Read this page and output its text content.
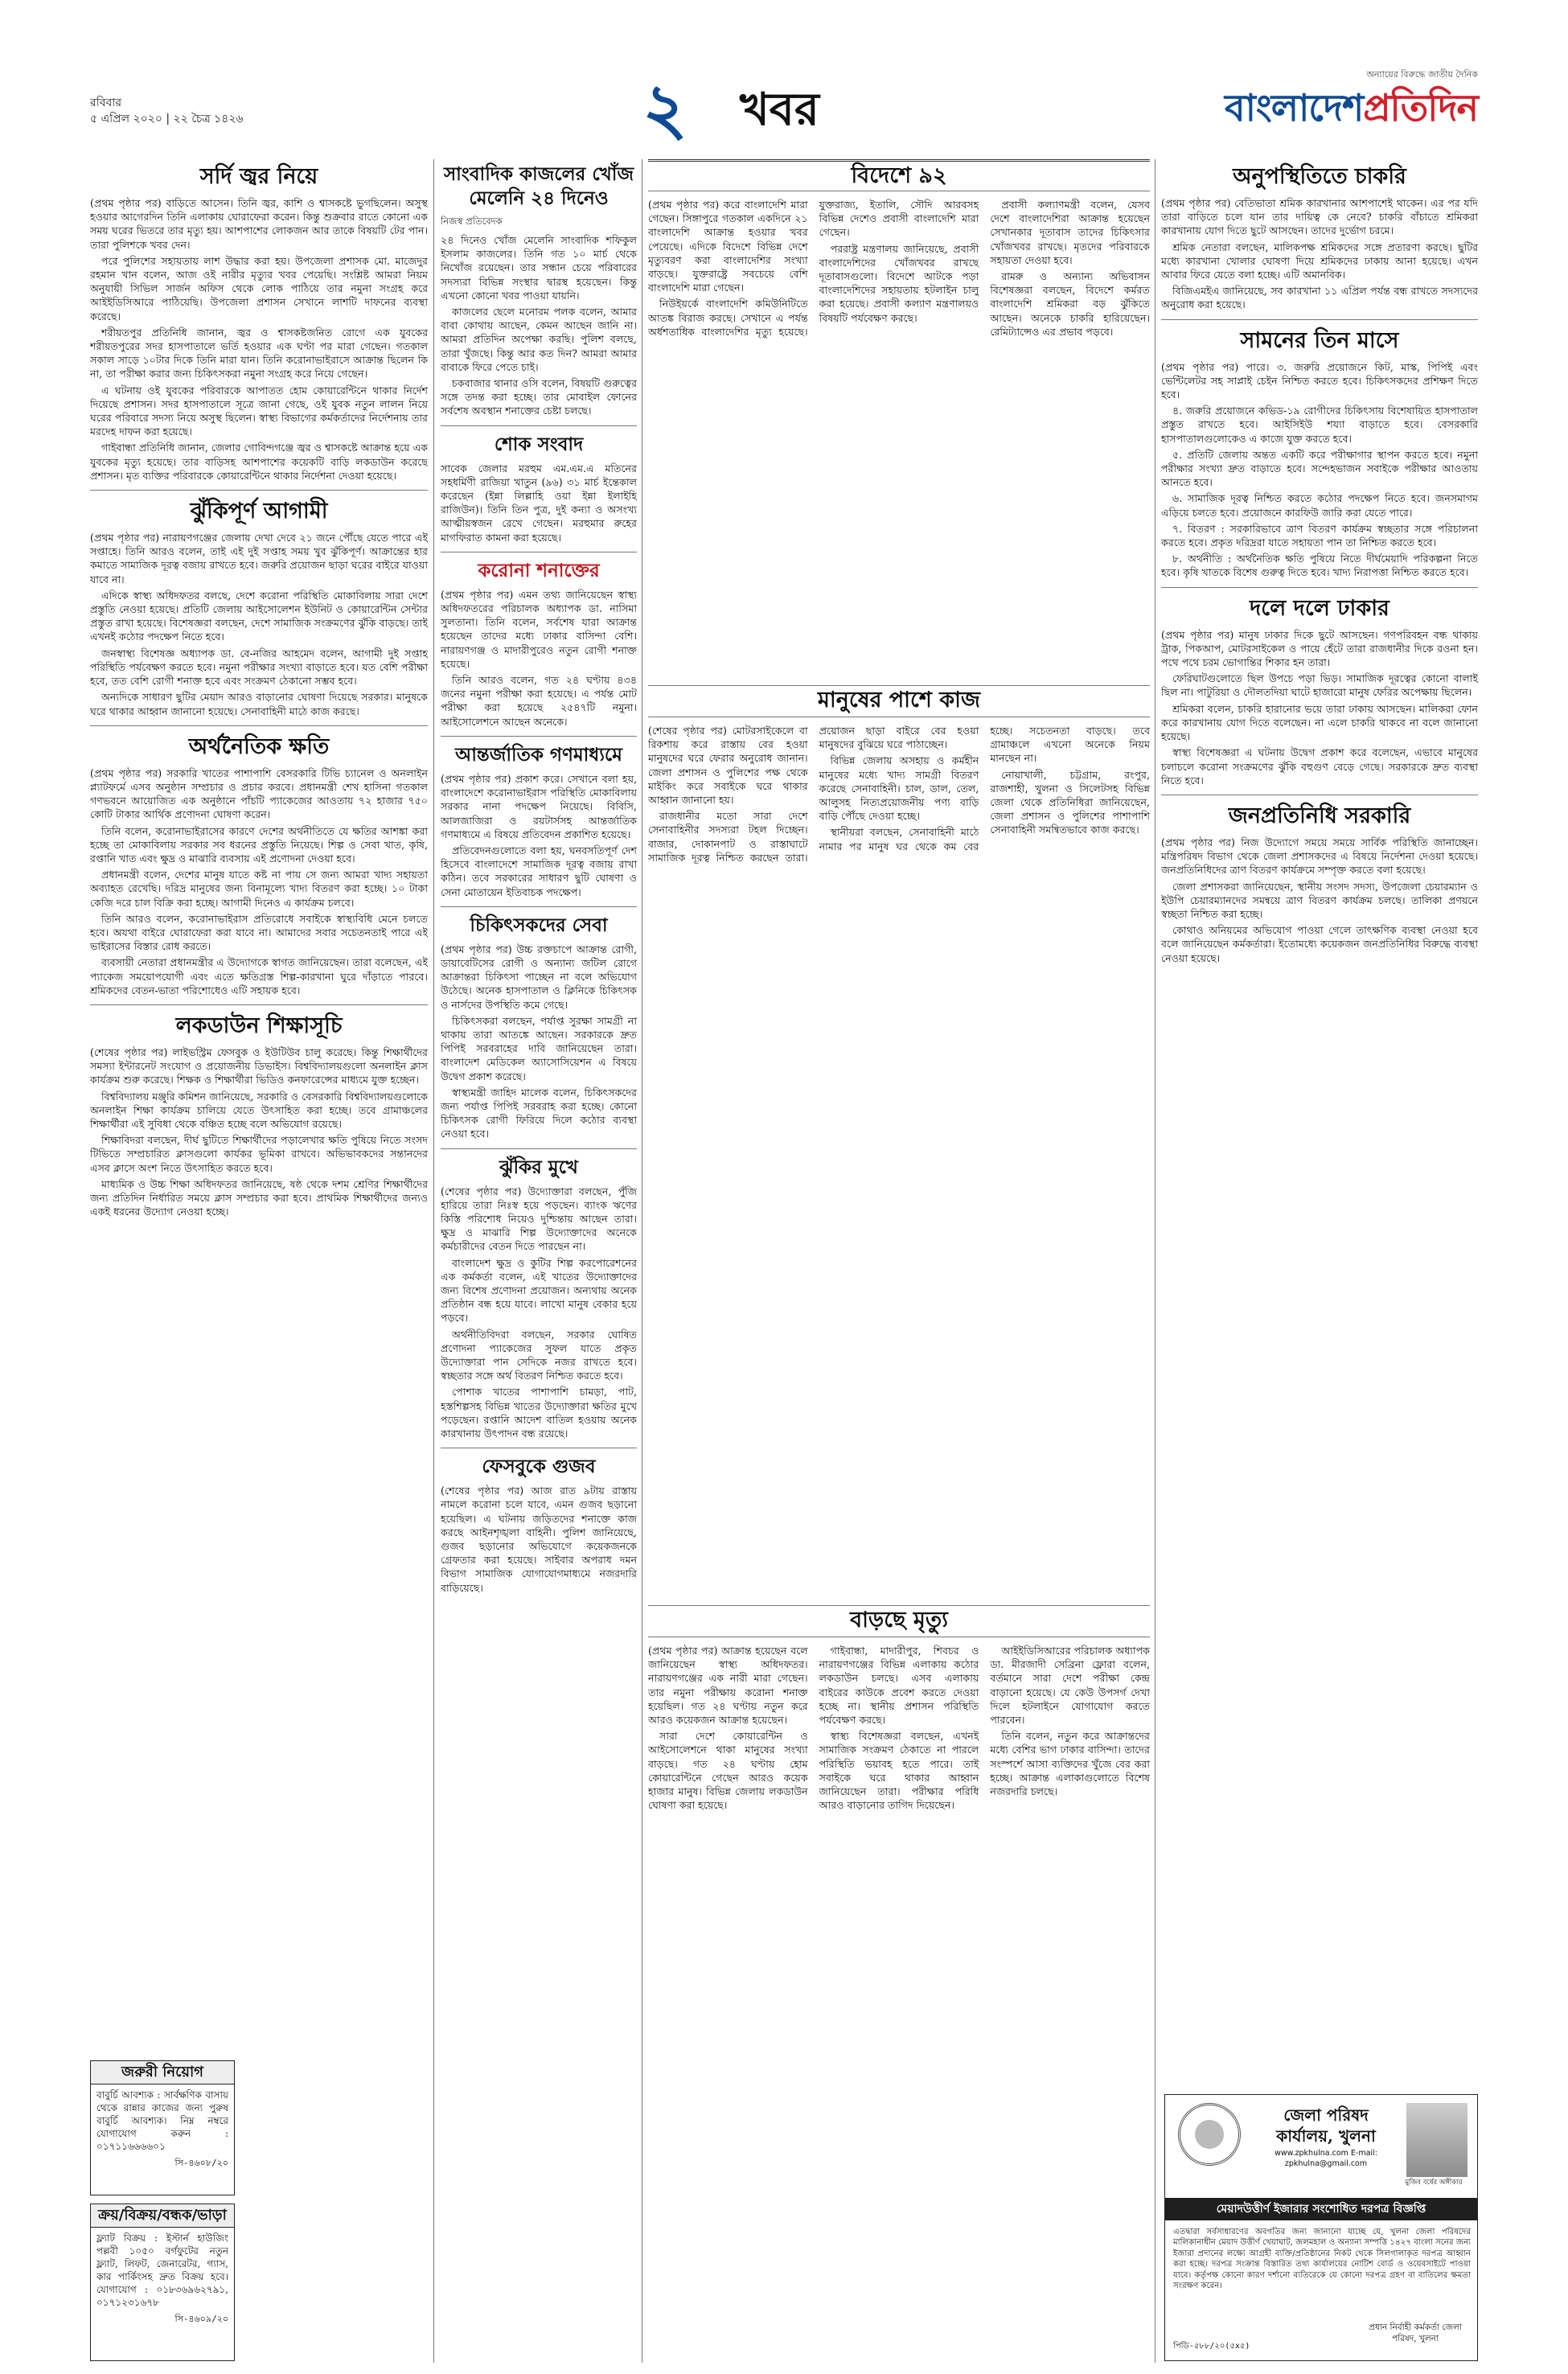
রবিবার
৫ এপ্রিল ২০২০ | ২২ চৈত্র ১৪২৬	২	খবর
অন্যায়ের বিরুদ্ধে জাতীয় দৈনিক
বাংলাদেশপ্রতিদিন
সর্দি জ্বর নিয়ে

(প্রথম পৃষ্ঠার পর) বাড়িতে আসেন। তিনি জ্বর, কাশি ও শ্বাসকষ্টে ভুগছিলেন। অসুস্থ হওয়ার আগেরদিন তিনি এলাকায় ঘোরাফেরা করেন। কিন্তু শুক্রবার রাতে কোনো এক সময় ঘরের ভিতরে তার মৃত্যু হয়। আশপাশের লোকজন আর তাকে বিষয়টি টের পান। তারা পুলিশকে খবর দেন।

পরে পুলিশের সহায়তায় লাশ উদ্ধার করা হয়। উপজেলা প্রশাসক মো. মাজেদুর রহমান খান বলেন, আজ ওই নারীর মৃত্যুর খবর পেয়েছি। সংশ্লিষ্ট আমরা নিয়ম অনুযায়ী সিভিল সার্জন অফিস থেকে লোক পাঠিয়ে তার নমুনা সংগ্রহ করে আইইডিসিআরে পাঠিয়েছি। উপজেলা প্রশাসন সেখানে লাশটি দাফনের ব্যবস্থা করেছে।

শরীয়তপুর প্রতিনিধি জানান, জ্বর ও শ্বাসকষ্টজনিত রোগে এক যুবকের শরীয়তপুরের সদর হাসপাতালে ভর্তি হওয়ার এক ঘণ্টা পর মারা গেছেন। গতকাল সকাল সাড়ে ১০টার দিকে তিনি মারা যান। তিনি করোনাভাইরাসে আক্রান্ত ছিলেন কি না, তা পরীক্ষা করার জন্য চিকিৎসকরা নমুনা সংগ্রহ করে নিয়ে গেছেন।

এ ঘটনায় ওই যুবকের পরিবারকে আপাতত হোম কোয়ারেন্টিনে থাকার নির্দেশ দিয়েছে প্রশাসন। সদর হাসপাতালে সূত্রে জানা গেছে, ওই যুবক নতুন লালন নিয়ে ঘরের পরিবারে সদস্য নিয়ে অসুস্থ ছিলেন। স্বাস্থ্য বিভাগের কর্মকর্তাদের নির্দেশনায় তার মরদেহ দাফন করা হয়েছে।

গাইবান্ধা প্রতিনিধি জানান, জেলার গোবিন্দগঞ্জে জ্বর ও শ্বাসকষ্টে আক্রান্ত হয়ে এক যুবকের মৃত্যু হয়েছে। তার বাড়িসহ আশপাশের কয়েকটি বাড়ি লকডাউন করেছে প্রশাসন। মৃত ব্যক্তির পরিবারকে কোয়ারেন্টিনে থাকার নির্দেশনা দেওয়া হয়েছে।

ঝুঁকিপূর্ণ আগামী

(প্রথম পৃষ্ঠার পর) নারায়ণগঞ্জের জেলায় দেখা দেবে ২১ জনে পৌঁছে যেতে পারে এই সপ্তাহে। তিনি আরও বলেন, তাই এই দুই সপ্তাহ সময় খুব ঝুঁকিপূর্ণ। আক্রান্তের হার কমাতে সামাজিক দূরত্ব বজায় রাখতে হবে। জরুরি প্রয়োজন ছাড়া ঘরের বাইরে যাওয়া যাবে না।

এদিকে স্বাস্থ্য অধিদফতর বলছে, দেশে করোনা পরিস্থিতি মোকাবিলায় সারা দেশে প্রস্তুতি নেওয়া হয়েছে। প্রতিটি জেলায় আইসোলেশন ইউনিট ও কোয়ারেন্টিন সেন্টার প্রস্তুত রাখা হয়েছে। বিশেষজ্ঞরা বলছেন, দেশে সামাজিক সংক্রমণের ঝুঁকি বাড়ছে। তাই এখনই কঠোর পদক্ষেপ নিতে হবে।

জনস্বাস্থ্য বিশেষজ্ঞ অধ্যাপক ডা. বে-নজির আহমেদ বলেন, আগামী দুই সপ্তাহ পরিস্থিতি পর্যবেক্ষণ করতে হবে। নমুনা পরীক্ষার সংখ্যা বাড়াতে হবে। যত বেশি পরীক্ষা হবে, তত বেশি রোগী শনাক্ত হবে এবং সংক্রমণ ঠেকানো সম্ভব হবে।

অন্যদিকে সাধারণ ছুটির মেয়াদ আরও বাড়ানোর ঘোষণা দিয়েছে সরকার। মানুষকে ঘরে থাকার আহ্বান জানানো হয়েছে। সেনাবাহিনী মাঠে কাজ করছে।

অর্থনৈতিক ক্ষতি

(প্রথম পৃষ্ঠার পর) সরকারি খাতের পাশাপাশি বেসরকারি টিভি চ্যানেল ও অনলাইন প্ল্যাটফর্মে এসব অনুষ্ঠান সম্প্রচার ও প্রচার করবে। প্রধানমন্ত্রী শেখ হাসিনা গতকাল গণভবনে আয়োজিত এক অনুষ্ঠানে পাঁচটি প্যাকেজের আওতায় ৭২ হাজার ৭৫০ কোটি টাকার আর্থিক প্রণোদনা ঘোষণা করেন।

তিনি বলেন, করোনাভাইরাসের কারণে দেশের অর্থনীতিতে যে ক্ষতির আশঙ্কা করা হচ্ছে তা মোকাবিলায় সরকার সব ধরনের প্রস্তুতি নিয়েছে। শিল্প ও সেবা খাত, কৃষি, রপ্তানি খাত এবং ক্ষুদ্র ও মাঝারি ব্যবসায় এই প্রণোদনা দেওয়া হবে।

প্রধানমন্ত্রী বলেন, দেশের মানুষ যাতে কষ্ট না পায় সে জন্য আমরা খাদ্য সহায়তা অব্যাহত রেখেছি। দরিদ্র মানুষের জন্য বিনামূল্যে খাদ্য বিতরণ করা হচ্ছে। ১০ টাকা কেজি দরে চাল বিক্রি করা হচ্ছে। আগামী দিনেও এ কার্যক্রম চলবে।

তিনি আরও বলেন, করোনাভাইরাস প্রতিরোধে সবাইকে স্বাস্থ্যবিধি মেনে চলতে হবে। অযথা বাইরে ঘোরাফেরা করা যাবে না। আমাদের সবার সচেতনতাই পারে এই ভাইরাসের বিস্তার রোধ করতে।

ব্যবসায়ী নেতারা প্রধানমন্ত্রীর এ উদ্যোগকে স্বাগত জানিয়েছেন। তারা বলেছেন, এই প্যাকেজ সময়োপযোগী এবং এতে ক্ষতিগ্রস্ত শিল্প-কারখানা ঘুরে দাঁড়াতে পারবে। শ্রমিকদের বেতন-ভাতা পরিশোধেও এটি সহায়ক হবে।

লকডাউন শিক্ষাসূচি

(শেষের পৃষ্ঠার পর) লাইভস্ট্রিম ফেসবুক ও ইউটিউব চালু করেছে। কিন্তু শিক্ষার্থীদের সমস্যা ইন্টারনেট সংযোগ ও প্রয়োজনীয় ডিভাইস। বিশ্ববিদ্যালয়গুলো অনলাইন ক্লাস কার্যক্রম শুরু করেছে। শিক্ষক ও শিক্ষার্থীরা ভিডিও কনফারেন্সের মাধ্যমে যুক্ত হচ্ছেন।

বিশ্ববিদ্যালয় মঞ্জুরি কমিশন জানিয়েছে, সরকারি ও বেসরকারি বিশ্ববিদ্যালয়গুলোকে অনলাইন শিক্ষা কার্যক্রম চালিয়ে যেতে উৎসাহিত করা হচ্ছে। তবে গ্রামাঞ্চলের শিক্ষার্থীরা এই সুবিধা থেকে বঞ্চিত হচ্ছে বলে অভিযোগ রয়েছে।

শিক্ষাবিদরা বলছেন, দীর্ঘ ছুটিতে শিক্ষার্থীদের পড়ালেখার ক্ষতি পুষিয়ে নিতে সংসদ টিভিতে সম্প্রচারিত ক্লাসগুলো কার্যকর ভূমিকা রাখবে। অভিভাবকদের সন্তানদের এসব ক্লাসে অংশ নিতে উৎসাহিত করতে হবে।

মাধ্যমিক ও উচ্চ শিক্ষা অধিদফতর জানিয়েছে, ষষ্ঠ থেকে দশম শ্রেণির শিক্ষার্থীদের জন্য প্রতিদিন নির্ধারিত সময়ে ক্লাস সম্প্রচার করা হবে। প্রাথমিক শিক্ষার্থীদের জন্যও একই ধরনের উদ্যোগ নেওয়া হচ্ছে।

জরুরী নিয়োগ
বাবুর্চি আবশ্যক : সার্বক্ষণিক বাসায় থেকে রান্নার কাজের জন্য পুরুষ বাবুর্চি আবশ্যক। নিম্ন নম্বরে যোগাযোগ করুন : ০১৭১১৬৬৬৬০১
সি-৪৬০৮/২০
ক্রয়/বিক্রয়/বন্ধক/ভাড়া
ফ্ল্যাট বিক্রয় : ইস্টার্ন হাউজিং পল্লবী ১০৫০ বর্গফুটের নতুন ফ্ল্যাট, লিফট, জেনারেটর, গ্যাস, কার পার্কিংসহ দ্রুত বিক্রয় হবে। যোগাযোগ : ০১৮৩৬৯৬২৭৯১, ০১৭১২৩১৬৭৮
সি-৪৬০৯/২০
সাংবাদিক কাজলের খোঁজ মেলেনি ২৪ দিনেও
নিজস্ব প্রতিবেদক

২৪ দিনেও খোঁজ মেলেনি সাংবাদিক শফিকুল ইসলাম কাজলের। তিনি গত ১০ মার্চ থেকে নিখোঁজ রয়েছেন। তার সন্ধান চেয়ে পরিবারের সদস্যরা বিভিন্ন সংস্থার দ্বারস্থ হয়েছেন। কিন্তু এখনো কোনো খবর পাওয়া যায়নি।

কাজলের ছেলে মনোরম পলক বলেন, আমার বাবা কোথায় আছেন, কেমন আছেন জানি না। আমরা প্রতিদিন অপেক্ষা করছি। পুলিশ বলছে, তারা খুঁজছে। কিন্তু আর কত দিন? আমরা আমার বাবাকে ফিরে পেতে চাই।

চকবাজার থানার ওসি বলেন, বিষয়টি গুরুত্বের সঙ্গে তদন্ত করা হচ্ছে। তার মোবাইল ফোনের সর্বশেষ অবস্থান শনাক্তের চেষ্টা চলছে।

শোক সংবাদ

সাবেক জেলার মরহুম এম.এম.এ মতিনের সহধর্মিণী রাজিয়া খাতুন (৯৬) ৩১ মার্চ ইন্তেকাল করেছেন (ইন্না লিল্লাহি ওয়া ইন্না ইলাইহি রাজিউন)। তিনি তিন পুত্র, দুই কন্যা ও অসংখ্য আত্মীয়স্বজন রেখে গেছেন। মরহুমার রুহের মাগফিরাত কামনা করা হয়েছে।

করোনা শনাক্তের

(প্রথম পৃষ্ঠার পর) এমন তথ্য জানিয়েছেন স্বাস্থ্য অধিদফতরের পরিচালক অধ্যাপক ডা. নাসিমা সুলতানা। তিনি বলেন, সর্বশেষ যারা আক্রান্ত হয়েছেন তাদের মধ্যে ঢাকার বাসিন্দা বেশি। নারায়ণগঞ্জ ও মাদারীপুরেও নতুন রোগী শনাক্ত হয়েছে।

তিনি আরও বলেন, গত ২৪ ঘণ্টায় ৪৩৪ জনের নমুনা পরীক্ষা করা হয়েছে। এ পর্যন্ত মোট পরীক্ষা করা হয়েছে ২৫৪৭টি নমুনা। আইসোলেশনে আছেন অনেকে।

আন্তর্জাতিক গণমাধ্যমে

(প্রথম পৃষ্ঠার পর) প্রকাশ করে। সেখানে বলা হয়, বাংলাদেশে করোনাভাইরাস পরিস্থিতি মোকাবিলায় সরকার নানা পদক্ষেপ নিয়েছে। বিবিসি, আলজাজিরা ও রয়টার্সসহ আন্তর্জাতিক গণমাধ্যমে এ বিষয়ে প্রতিবেদন প্রকাশিত হয়েছে।

প্রতিবেদনগুলোতে বলা হয়, ঘনবসতিপূর্ণ দেশ হিসেবে বাংলাদেশে সামাজিক দূরত্ব বজায় রাখা কঠিন। তবে সরকারের সাধারণ ছুটি ঘোষণা ও সেনা মোতায়েন ইতিবাচক পদক্ষেপ।

চিকিৎসকদের সেবা

(প্রথম পৃষ্ঠার পর) উচ্চ রক্তচাপে আক্রান্ত রোগী, ডায়াবেটিসের রোগী ও অন্যান্য জটিল রোগে আক্রান্তরা চিকিৎসা পাচ্ছেন না বলে অভিযোগ উঠেছে। অনেক হাসপাতাল ও ক্লিনিকে চিকিৎসক ও নার্সদের উপস্থিতি কমে গেছে।

চিকিৎসকরা বলছেন, পর্যাপ্ত সুরক্ষা সামগ্রী না থাকায় তারা আতঙ্কে আছেন। সরকারকে দ্রুত পিপিই সরবরাহের দাবি জানিয়েছেন তারা। বাংলাদেশ মেডিকেল অ্যাসোসিয়েশন এ বিষয়ে উদ্বেগ প্রকাশ করেছে।

স্বাস্থ্যমন্ত্রী জাহিদ মালেক বলেন, চিকিৎসকদের জন্য পর্যাপ্ত পিপিই সরবরাহ করা হচ্ছে। কোনো চিকিৎসক রোগী ফিরিয়ে দিলে কঠোর ব্যবস্থা নেওয়া হবে।

ঝুঁকির মুখে

(শেষের পৃষ্ঠার পর) উদ্যোক্তারা বলছেন, পুঁজি হারিয়ে তারা নিঃস্ব হয়ে পড়ছেন। ব্যাংক ঋণের কিস্তি পরিশোধ নিয়েও দুশ্চিন্তায় আছেন তারা। ক্ষুদ্র ও মাঝারি শিল্প উদ্যোক্তাদের অনেকে কর্মচারীদের বেতন দিতে পারছেন না।

বাংলাদেশ ক্ষুদ্র ও কুটির শিল্প করপোরেশনের এক কর্মকর্তা বলেন, এই খাতের উদ্যোক্তাদের জন্য বিশেষ প্রণোদনা প্রয়োজন। অন্যথায় অনেক প্রতিষ্ঠান বন্ধ হয়ে যাবে। লাখো মানুষ বেকার হয়ে পড়বে।

অর্থনীতিবিদরা বলছেন, সরকার ঘোষিত প্রণোদনা প্যাকেজের সুফল যাতে প্রকৃত উদ্যোক্তারা পান সেদিকে নজর রাখতে হবে। স্বচ্ছতার সঙ্গে অর্থ বিতরণ নিশ্চিত করতে হবে।

পোশাক খাতের পাশাপাশি চামড়া, পাট, হস্তশিল্পসহ বিভিন্ন খাতের উদ্যোক্তারা ক্ষতির মুখে পড়েছেন। রপ্তানি আদেশ বাতিল হওয়ায় অনেক কারখানায় উৎপাদন বন্ধ রয়েছে।

ফেসবুকে গুজব

(শেষের পৃষ্ঠার পর) আজ রাত ৯টায় রাস্তায় নামলে করোনা চলে যাবে, এমন গুজব ছড়ানো হয়েছিল। এ ঘটনায় জড়িতদের শনাক্তে কাজ করছে আইনশৃঙ্খলা বাহিনী। পুলিশ জানিয়েছে, গুজব ছড়ানোর অভিযোগে কয়েকজনকে গ্রেফতার করা হয়েছে। সাইবার অপরাধ দমন বিভাগ সামাজিক যোগাযোগমাধ্যমে নজরদারি বাড়িয়েছে।

বিদেশে ৯২

(প্রথম পৃষ্ঠার পর) করে বাংলাদেশি মারা গেছেন। সিঙ্গাপুরে গতকাল একদিনে ২১ বাংলাদেশি আক্রান্ত হওয়ার খবর পেয়েছে। এদিকে বিদেশে বিভিন্ন দেশে মৃত্যুবরণ করা বাংলাদেশির সংখ্যা বাড়ছে। যুক্তরাষ্ট্রে সবচেয়ে বেশি বাংলাদেশি মারা গেছেন।

নিউইয়র্কে বাংলাদেশি কমিউনিটিতে আতঙ্ক বিরাজ করছে। সেখানে এ পর্যন্ত অর্ধশতাধিক বাংলাদেশির মৃত্যু হয়েছে। যুক্তরাজ্য, ইতালি, সৌদি আরবসহ বিভিন্ন দেশেও প্রবাসী বাংলাদেশি মারা গেছেন।

পররাষ্ট্র মন্ত্রণালয় জানিয়েছে, প্রবাসী বাংলাদেশিদের খোঁজখবর রাখছে দূতাবাসগুলো। বিদেশে আটকে পড়া বাংলাদেশিদের সহায়তায় হটলাইন চালু করা হয়েছে। প্রবাসী কল্যাণ মন্ত্রণালয়ও বিষয়টি পর্যবেক্ষণ করছে।

প্রবাসী কল্যাণমন্ত্রী বলেন, যেসব দেশে বাংলাদেশিরা আক্রান্ত হয়েছেন সেখানকার দূতাবাস তাদের চিকিৎসার খোঁজখবর রাখছে। মৃতদের পরিবারকে সহায়তা দেওয়া হবে।

রামরু ও অন্যান্য অভিবাসন বিশেষজ্ঞরা বলছেন, বিদেশে কর্মরত বাংলাদেশি শ্রমিকরা বড় ঝুঁকিতে আছেন। অনেকে চাকরি হারিয়েছেন। রেমিট্যান্সেও এর প্রভাব পড়বে।

মানুষের পাশে কাজ

(শেষের পৃষ্ঠার পর) মোটরসাইকেলে বা রিকশায় করে রাস্তায় বের হওয়া মানুষদের ঘরে ফেরার অনুরোধ জানান। জেলা প্রশাসন ও পুলিশের পক্ষ থেকে মাইকিং করে সবাইকে ঘরে থাকার আহ্বান জানানো হয়।

রাজধানীর মতো সারা দেশে সেনাবাহিনীর সদস্যরা টহল দিচ্ছেন। বাজার, দোকানপাট ও রাস্তাঘাটে সামাজিক দূরত্ব নিশ্চিত করছেন তারা। প্রয়োজন ছাড়া বাইরে বের হওয়া মানুষদের বুঝিয়ে ঘরে পাঠাচ্ছেন।

বিভিন্ন জেলায় অসহায় ও কর্মহীন মানুষের মধ্যে খাদ্য সামগ্রী বিতরণ করেছে সেনাবাহিনী। চাল, ডাল, তেল, আলুসহ নিত্যপ্রয়োজনীয় পণ্য বাড়ি বাড়ি পৌঁছে দেওয়া হচ্ছে।

স্থানীয়রা বলছেন, সেনাবাহিনী মাঠে নামার পর মানুষ ঘর থেকে কম বের হচ্ছে। সচেতনতা বাড়ছে। তবে গ্রামাঞ্চলে এখনো অনেকে নিয়ম মানছেন না।

নোয়াখালী, চট্টগ্রাম, রংপুর, রাজশাহী, খুলনা ও সিলেটসহ বিভিন্ন জেলা থেকে প্রতিনিধিরা জানিয়েছেন, জেলা প্রশাসন ও পুলিশের পাশাপাশি সেনাবাহিনী সমন্বিতভাবে কাজ করছে।

বাড়ছে মৃত্যু

(প্রথম পৃষ্ঠার পর) আক্রান্ত হয়েছেন বলে জানিয়েছেন স্বাস্থ্য অধিদফতর। নারায়ণগঞ্জের এক নারী মারা গেছেন। তার নমুনা পরীক্ষায় করোনা শনাক্ত হয়েছিল। গত ২৪ ঘণ্টায় নতুন করে আরও কয়েকজন আক্রান্ত হয়েছেন।

সারা দেশে কোয়ারেন্টিন ও আইসোলেশনে থাকা মানুষের সংখ্যা বাড়ছে। গত ২৪ ঘণ্টায় হোম কোয়ারেন্টিনে গেছেন আরও কয়েক হাজার মানুষ। বিভিন্ন জেলায় লকডাউন ঘোষণা করা হয়েছে।

গাইবান্ধা, মাদারীপুর, শিবচর ও নারায়ণগঞ্জের বিভিন্ন এলাকায় কঠোর লকডাউন চলছে। এসব এলাকায় বাইরের কাউকে প্রবেশ করতে দেওয়া হচ্ছে না। স্থানীয় প্রশাসন পরিস্থিতি পর্যবেক্ষণ করছে।

স্বাস্থ্য বিশেষজ্ঞরা বলছেন, এখনই সামাজিক সংক্রমণ ঠেকাতে না পারলে পরিস্থিতি ভয়াবহ হতে পারে। তাই সবাইকে ঘরে থাকার আহ্বান জানিয়েছেন তারা। পরীক্ষার পরিধি আরও বাড়ানোর তাগিদ দিয়েছেন।

আইইডিসিআরের পরিচালক অধ্যাপক ডা. মীরজাদী সেব্রিনা ফ্লোরা বলেন, বর্তমানে সারা দেশে পরীক্ষা কেন্দ্র বাড়ানো হয়েছে। যে কেউ উপসর্গ দেখা দিলে হটলাইনে যোগাযোগ করতে পারবেন।

তিনি বলেন, নতুন করে আক্রান্তদের মধ্যে বেশির ভাগ ঢাকার বাসিন্দা। তাদের সংস্পর্শে আসা ব্যক্তিদের খুঁজে বের করা হচ্ছে। আক্রান্ত এলাকাগুলোতে বিশেষ নজরদারি চলছে।

অনুপস্থিতিতে চাকরি

(প্রথম পৃষ্ঠার পর) বেতিভাতা শ্রমিক কারখানার আশপাশেই থাকেন। এর পর যদি তারা বাড়িতে চলে যান তার দায়িত্ব কে নেবে? চাকরি বাঁচাতে শ্রমিকরা কারখানায় যোগ দিতে ছুটে আসছেন। তাদের দুর্ভোগ চরমে।

শ্রমিক নেতারা বলছেন, মালিকপক্ষ শ্রমিকদের সঙ্গে প্রতারণা করছে। ছুটির মধ্যে কারখানা খোলার ঘোষণা দিয়ে শ্রমিকদের ঢাকায় আনা হয়েছে। এখন আবার ফিরে যেতে বলা হচ্ছে। এটি অমানবিক।

বিজিএমইএ জানিয়েছে, সব কারখানা ১১ এপ্রিল পর্যন্ত বন্ধ রাখতে সদস্যদের অনুরোধ করা হয়েছে।

সামনের তিন মাসে

(প্রথম পৃষ্ঠার পর) পারে। ৩. জরুরি প্রয়োজনে কিট, মাস্ক, পিপিই এবং ভেন্টিলেটর সহ সাপ্লাই চেইন নিশ্চিত করতে হবে। চিকিৎসকদের প্রশিক্ষণ দিতে হবে।

৪. জরুরি প্রয়োজনে কভিড-১৯ রোগীদের চিকিৎসায় বিশেষায়িত হাসপাতাল প্রস্তুত রাখতে হবে। আইসিইউ শয্যা বাড়াতে হবে। বেসরকারি হাসপাতালগুলোকেও এ কাজে যুক্ত করতে হবে।

৫. প্রতিটি জেলায় অন্তত একটি করে পরীক্ষাগার স্থাপন করতে হবে। নমুনা পরীক্ষার সংখ্যা দ্রুত বাড়াতে হবে। সন্দেহভাজন সবাইকে পরীক্ষার আওতায় আনতে হবে।

৬. সামাজিক দূরত্ব নিশ্চিত করতে কঠোর পদক্ষেপ নিতে হবে। জনসমাগম এড়িয়ে চলতে হবে। প্রয়োজনে কারফিউ জারি করা যেতে পারে।

৭. বিতরণ : সরকারিভাবে ত্রাণ বিতরণ কার্যক্রম স্বচ্ছতার সঙ্গে পরিচালনা করতে হবে। প্রকৃত দরিদ্ররা যাতে সহায়তা পান তা নিশ্চিত করতে হবে।

৮. অর্থনীতি : অর্থনৈতিক ক্ষতি পুষিয়ে নিতে দীর্ঘমেয়াদি পরিকল্পনা নিতে হবে। কৃষি খাতকে বিশেষ গুরুত্ব দিতে হবে। খাদ্য নিরাপত্তা নিশ্চিত করতে হবে।

দলে দলে ঢাকার

(প্রথম পৃষ্ঠার পর) মানুষ ঢাকার দিকে ছুটে আসছেন। গণপরিবহন বন্ধ থাকায় ট্রাক, পিকআপ, মোটরসাইকেল ও পায়ে হেঁটে তারা রাজধানীর দিকে রওনা হন। পথে পথে চরম ভোগান্তির শিকার হন তারা।

ফেরিঘাটগুলোতে ছিল উপচে পড়া ভিড়। সামাজিক দূরত্বের কোনো বালাই ছিল না। পাটুরিয়া ও দৌলতদিয়া ঘাটে হাজারো মানুষ ফেরির অপেক্ষায় ছিলেন।

শ্রমিকরা বলেন, চাকরি হারানোর ভয়ে তারা ঢাকায় আসছেন। মালিকরা ফোন করে কারখানায় যোগ দিতে বলেছেন। না এলে চাকরি থাকবে না বলে জানানো হয়েছে।

স্বাস্থ্য বিশেষজ্ঞরা এ ঘটনায় উদ্বেগ প্রকাশ করে বলেছেন, এভাবে মানুষের চলাচলে করোনা সংক্রমণের ঝুঁকি বহুগুণ বেড়ে গেছে। সরকারকে দ্রুত ব্যবস্থা নিতে হবে।

জনপ্রতিনিধি সরকারি

(প্রথম পৃষ্ঠার পর) নিজ উদ্যোগে সময়ে সময়ে সার্বিক পরিস্থিতি জানাচ্ছেন। মন্ত্রিপরিষদ বিভাগ থেকে জেলা প্রশাসকদের এ বিষয়ে নির্দেশনা দেওয়া হয়েছে। জনপ্রতিনিধিদের ত্রাণ বিতরণ কার্যক্রমে সম্পৃক্ত করতে বলা হয়েছে।

জেলা প্রশাসকরা জানিয়েছেন, স্থানীয় সংসদ সদস্য, উপজেলা চেয়ারম্যান ও ইউপি চেয়ারম্যানদের সমন্বয়ে ত্রাণ বিতরণ কার্যক্রম চলছে। তালিকা প্রণয়নে স্বচ্ছতা নিশ্চিত করা হচ্ছে।

কোথাও অনিয়মের অভিযোগ পাওয়া গেলে তাৎক্ষণিক ব্যবস্থা নেওয়া হবে বলে জানিয়েছেন কর্মকর্তারা। ইতোমধ্যে কয়েকজন জনপ্রতিনিধির বিরুদ্ধে ব্যবস্থা নেওয়া হয়েছে।

জেলা পরিষদ কার্যালয়, খুলনা
www.zpkhulna.com E-mail: zpkhulna@gmail.com
মুজিব বর্ষের অঙ্গীকার
মেয়াদউত্তীর্ণ ইজারার সংশোধিত দরপত্র বিজ্ঞপ্তি
এতদ্বারা সর্বসাধারণের অবগতির জন্য জানানো যাচ্ছে যে, খুলনা জেলা পরিষদের মালিকানাধীন মেয়াদ উত্তীর্ণ খেয়াঘাট, জলমহাল ও অন্যান্য সম্পত্তি ১৪২৭ বাংলা সনের জন্য ইজারা প্রদানের লক্ষ্যে আগ্রহী ব্যক্তি/প্রতিষ্ঠানের নিকট থেকে সিলগালাকৃত দরপত্র আহ্বান করা হচ্ছে। দরপত্র সংক্রান্ত বিস্তারিত তথ্য কার্যালয়ের নোটিশ বোর্ড ও ওয়েবসাইটে পাওয়া যাবে। কর্তৃপক্ষ কোনো কারণ দর্শানো ব্যতিরেকে যে কোনো দরপত্র গ্রহণ বা বাতিলের ক্ষমতা সংরক্ষণ করেন।
প্রধান নির্বাহী কর্মকর্তা জেলা পরিষদ, খুলনা
পিডি-৫৮৮/২০(৫x৫)
